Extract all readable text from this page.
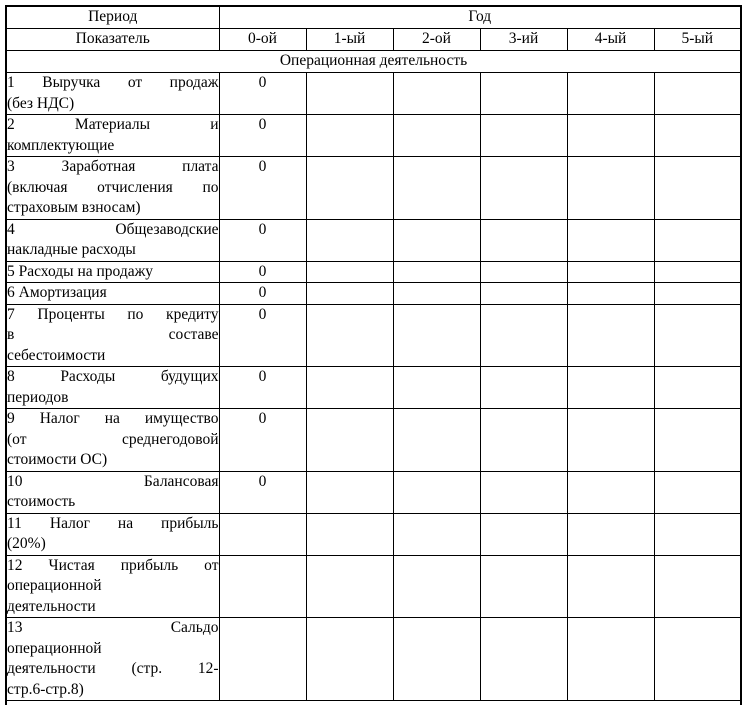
Период	Год					
Показатель	0-ой	1-ый	2-ой	3-ий	4-ый	5-ый
Операционная деятельность						

1 Выручка от продаж
(без НДС)	0					

2 Материалы и
комплектующие	0					

3 Заработная плата
(включая отчисления по
страховым взносам)	0					

4 Общезаводские
накладные расходы	0					

5 Расходы на продажу	0					

6 Амортизация	0					

7 Проценты по кредиту
в составе
себестоимости	0					

8 Расходы будущих
периодов	0					

9 Налог на имущество
(от среднегодовой
стоимости ОС)	0					

10 Балансовая
стоимость	0					

11 Налог на прибыль
(20%)						

12 Чистая прибыль от
операционной
деятельности						

13 Сальдо
операционной
деятельности (стр. 12-
стр.6-стр.8)						
